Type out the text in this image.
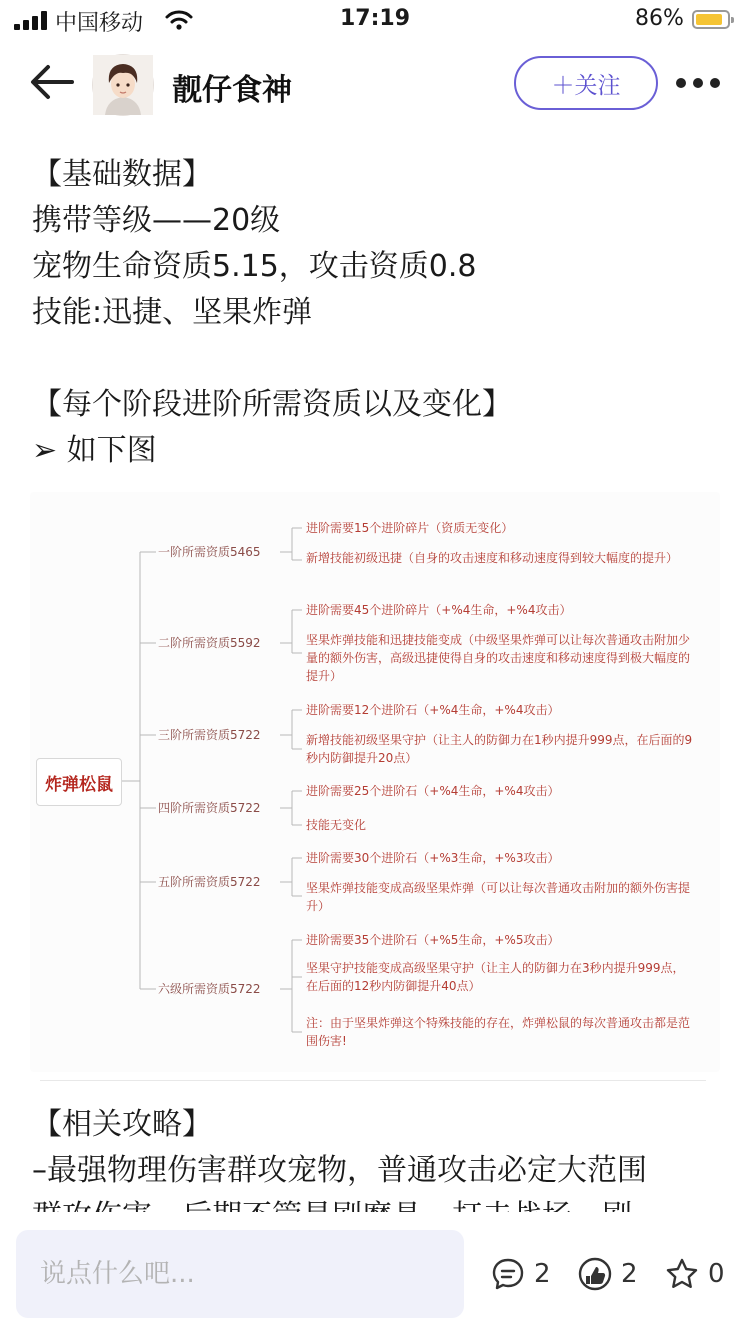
中国移动	17:19	86%
靓仔食神	＋关注
【基础数据】
携带等级——20级
宠物生命资质5.15，攻击资质0.8
技能:迅捷、坚果炸弹
【每个阶段进阶所需资质以及变化】
➢ 如下图
炸弹松鼠
一阶所需资质5465
进阶需要15个进阶碎片（资质无变化）
新增技能初级迅捷（自身的攻击速度和移动速度得到较大幅度的提升）
二阶所需资质5592
进阶需要45个进阶碎片（+%4生命，+%4攻击）
坚果炸弹技能和迅捷技能变成（中级坚果炸弹可以让每次普通攻击附加少量的额外伤害，高级迅捷使得自身的攻击速度和移动速度得到极大幅度的提升）
三阶所需资质5722
进阶需要12个进阶石（+%4生命，+%4攻击）
新增技能初级坚果守护（让主人的防御力在1秒内提升999点，在后面的9秒内防御提升20点）
四阶所需资质5722
进阶需要25个进阶石（+%4生命，+%4攻击）
技能无变化
五阶所需资质5722
进阶需要30个进阶石（+%3生命，+%3攻击）
坚果炸弹技能变成高级坚果炸弹（可以让每次普通攻击附加的额外伤害提升）
六级所需资质5722
进阶需要35个进阶石（+%5生命，+%5攻击）
坚果守护技能变成高级坚果守护（让主人的防御力在3秒内提升999点，在后面的12秒内防御提升40点）
注：由于坚果炸弹这个特殊技能的存在，炸弹松鼠的每次普通攻击都是范围伤害!
【相关攻略】
–最强物理伤害群攻宠物，普通攻击必定大范围
说点什么吧...
2	2	0
